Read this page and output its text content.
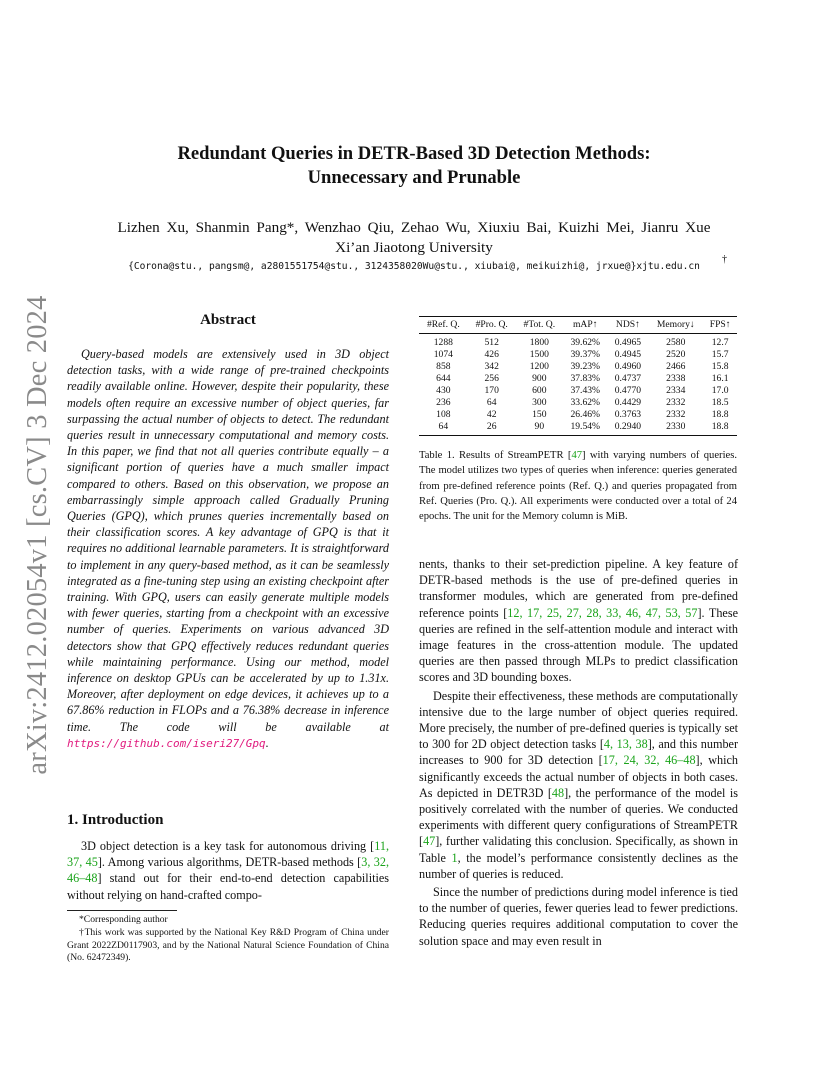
arXiv:2412.02054v1 [cs.CV] 3 Dec 2024
Redundant Queries in DETR-Based 3D Detection Methods:
Unnecessary and Prunable
Lizhen Xu, Shanmin Pang*, Wenzhao Qiu, Zehao Wu, Xiuxiu Bai, Kuizhi Mei, Jianru Xue
Xi’an Jiaotong University
{Corona@stu., pangsm@, a2801551754@stu., 3124358020Wu@stu., xiubai@, meikuizhi@, jrxue@}xjtu.edu.cn
†
Abstract

Query-based models are extensively used in 3D object detection tasks, with a wide range of pre-trained checkpoints readily available online. However, despite their popularity, these models often require an excessive number of object queries, far surpassing the actual number of objects to detect. The redundant queries result in unnecessary computational and memory costs. In this paper, we find that not all queries contribute equally – a significant portion of queries have a much smaller impact compared to others. Based on this observation, we propose an embarrassingly simple approach called Gradually Pruning Queries (GPQ), which prunes queries incrementally based on their classification scores. A key advantage of GPQ is that it requires no additional learnable parameters. It is straightforward to implement in any query-based method, as it can be seamlessly integrated as a fine-tuning step using an existing checkpoint after training. With GPQ, users can easily generate multiple models with fewer queries, starting from a checkpoint with an excessive number of queries. Experiments on various advanced 3D detectors show that GPQ effectively reduces redundant queries while maintaining performance. Using our method, model inference on desktop GPUs can be accelerated by up to 1.31x. Moreover, after deployment on edge devices, it achieves up to a 67.86% reduction in FLOPs and a 76.38% decrease in inference time. The code will be available at https://github.com/iseri27/Gpq.

1. Introduction

3D object detection is a key task for autonomous driving [11, 37, 45]. Among various algorithms, DETR-based methods [3, 32, 46–48] stand out for their end-to-end detection capabilities without relying on hand-crafted compo-

*Corresponding author

†This work was supported by the National Key R&D Program of China under Grant 2022ZD0117903, and by the National Natural Science Foundation of China (No. 62472349).

#Ref. Q.	#Pro. Q.	#Tot. Q.	mAP↑	NDS↑	Memory↓	FPS↑
1288	512	1800	39.62%	0.4965	2580	12.7
1074	426	1500	39.37%	0.4945	2520	15.7
858	342	1200	39.23%	0.4960	2466	15.8
644	256	900	37.83%	0.4737	2338	16.1
430	170	600	37.43%	0.4770	2334	17.0
236	64	300	33.62%	0.4429	2332	18.5
108	42	150	26.46%	0.3763	2332	18.8
64	26	90	19.54%	0.2940	2330	18.8

Table 1. Results of StreamPETR [47] with varying numbers of queries. The model utilizes two types of queries when inference: queries generated from pre-defined reference points (Ref. Q.) and queries propagated from Ref. Queries (Pro. Q.). All experiments were conducted over a total of 24 epochs. The unit for the Memory column is MiB.

nents, thanks to their set-prediction pipeline. A key feature of DETR-based methods is the use of pre-defined queries in transformer modules, which are generated from pre-defined reference points [12, 17, 25, 27, 28, 33, 46, 47, 53, 57]. These queries are refined in the self-attention module and interact with image features in the cross-attention module. The updated queries are then passed through MLPs to predict classification scores and 3D bounding boxes.

Despite their effectiveness, these methods are computationally intensive due to the large number of object queries required. More precisely, the number of pre-defined queries is typically set to 300 for 2D object detection tasks [4, 13, 38], and this number increases to 900 for 3D detection [17, 24, 32, 46–48], which significantly exceeds the actual number of objects in both cases. As depicted in DETR3D [48], the performance of the model is positively correlated with the number of queries. We conducted experiments with different query configurations of StreamPETR [47], further validating this conclusion. Specifically, as shown in Table 1, the model’s performance consistently declines as the number of queries is reduced.

Since the number of predictions during model inference is tied to the number of queries, fewer queries lead to fewer predictions. Reducing queries requires additional computation to cover the solution space and may even result in
